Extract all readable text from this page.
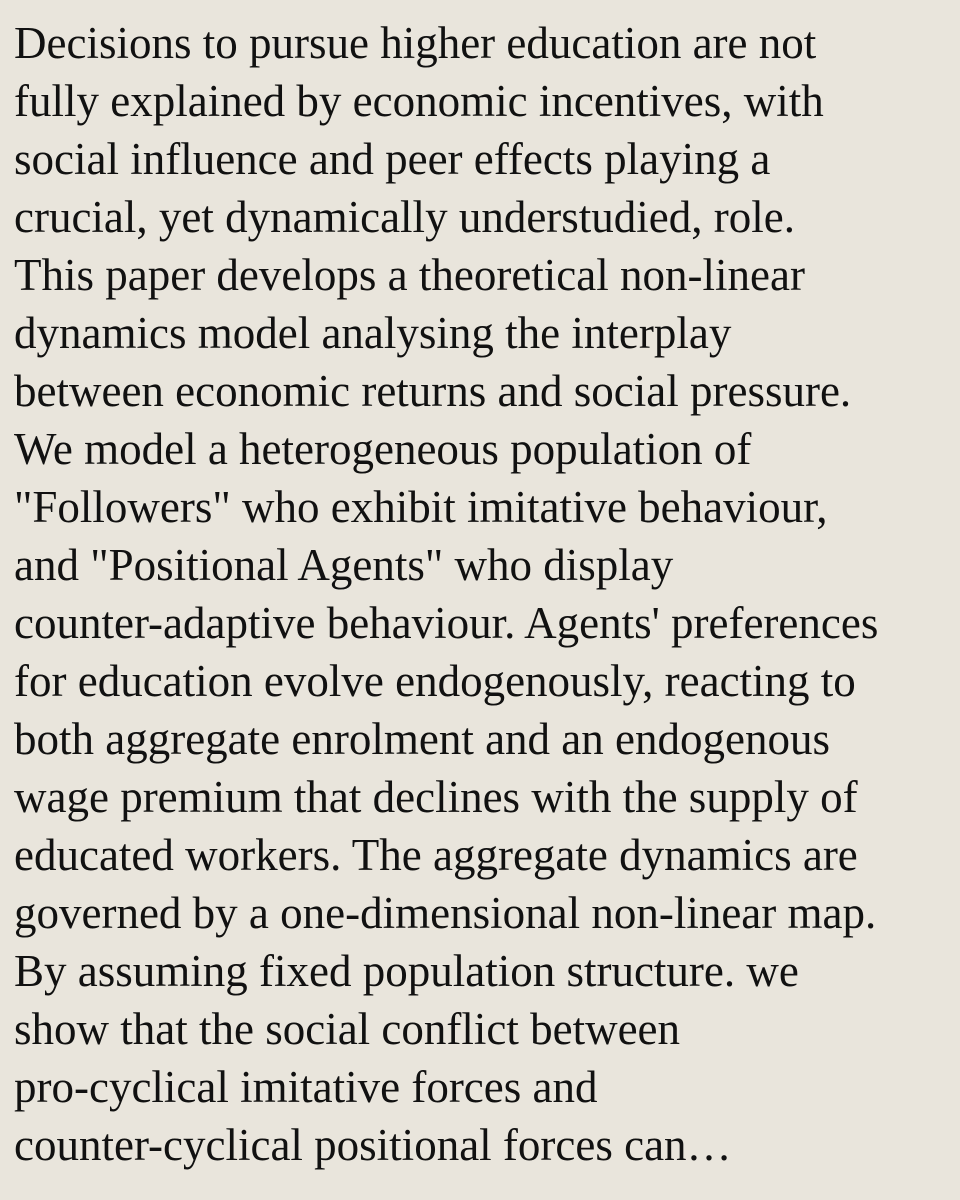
Decisions to pursue higher education are not
fully explained by economic incentives, with
social influence and peer effects playing a
crucial, yet dynamically understudied, role.
This paper develops a theoretical non-linear
dynamics model analysing the interplay
between economic returns and social pressure.
We model a heterogeneous population of
"Followers" who exhibit imitative behaviour,
and "Positional Agents" who display
counter-adaptive behaviour. Agents' preferences
for education evolve endogenously, reacting to
both aggregate enrolment and an endogenous
wage premium that declines with the supply of
educated workers. The aggregate dynamics are
governed by a one-dimensional non-linear map.
By assuming fixed population structure. we
show that the social conflict between
pro-cyclical imitative forces and
counter-cyclical positional forces can…
